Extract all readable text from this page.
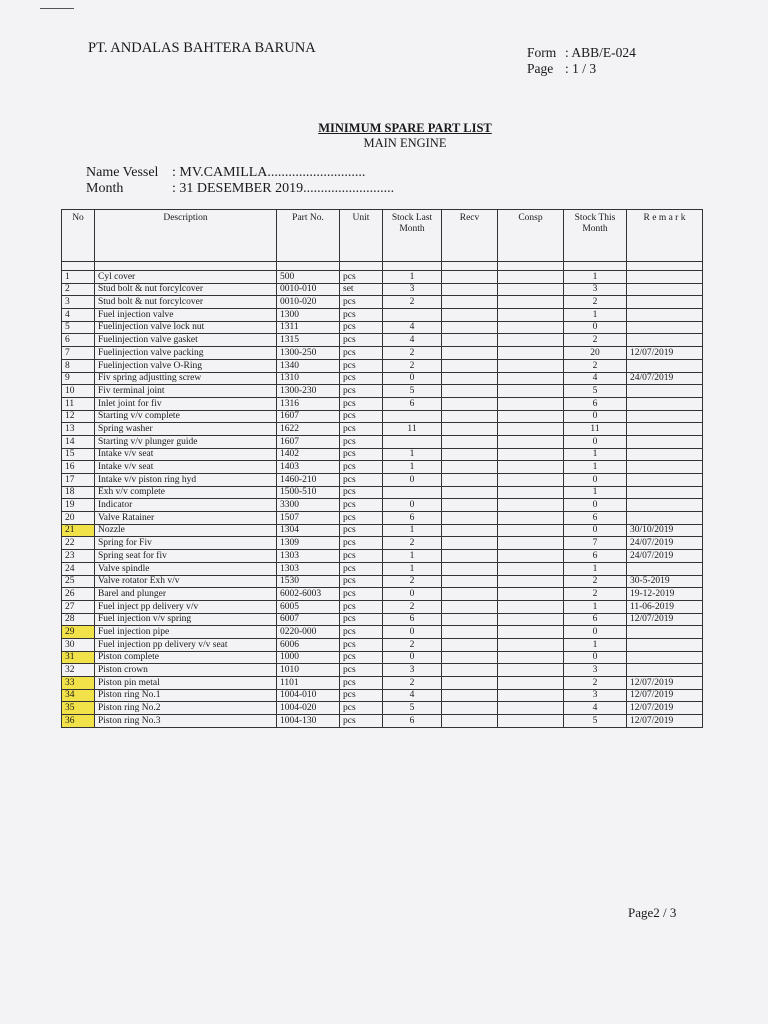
PT. ANDALAS BAHTERA BARUNA	Form : ABB/E-024
Page : 1 / 3
MINIMUM SPARE PART LIST
MAIN ENGINE
Name Vessel : MV.CAMILLA............................
Month	: 31 DESEMBER 2019..........................
No	Description	Part No.	Unit	Stock Last Month	Recv	Consp	Stock This Month	R e m a r k

1	Cyl cover	500	pcs	1			1	
2	Stud bolt & nut forcylcover	0010-010	set	3			3	
3	Stud bolt & nut forcylcover	0010-020	pcs	2			2	
4	Fuel injection valve	1300	pcs				1	
5	Fuelinjection valve lock nut	1311	pcs	4			0	
6	Fuelinjection valve gasket	1315	pcs	4			2	
7	Fuelinjection valve packing	1300-250	pcs	2			20	12/07/2019
8	Fuelinjection valve O-Ring	1340	pcs	2			2	
9	Fiv spring adjustting screw	1310	pcs	0			4	24/07/2019
10	Fiv terminal joint	1300-230	pcs	5			5	
11	Inlet joint for fiv	1316	pcs	6			6	
12	Starting v/v complete	1607	pcs				0	
13	Spring washer	1622	pcs	11			11	
14	Starting v/v plunger guide	1607	pcs				0	
15	Intake v/v seat	1402	pcs	1			1	
16	Intake v/v seat	1403	pcs	1			1	
17	Intake v/v piston ring hyd	1460-210	pcs	0			0	
18	Exh v/v complete	1500-510	pcs				1	
19	Indicator	3300	pcs	0			0	
20	Valve Ratainer	1507	pcs	6			6	
21	Nozzle	1304	pcs	1			0	30/10/2019
22	Spring for Fiv	1309	pcs	2			7	24/07/2019
23	Spring seat for fiv	1303	pcs	1			6	24/07/2019
24	Valve spindle	1303	pcs	1			1	
25	Valve rotator Exh v/v	1530	pcs	2			2	30-5-2019
26	Barel and plunger	6002-6003	pcs	0			2	19-12-2019
27	Fuel inject pp delivery v/v	6005	pcs	2			1	11-06-2019
28	Fuel injection v/v spring	6007	pcs	6			6	12/07/2019
29	Fuel injection pipe	0220-000	pcs	0			0	
30	Fuel injection pp delivery v/v seat	6006	pcs	2			1	
31	Piston complete	1000	pcs	0			0	
32	Piston crown	1010	pcs	3			3	
33	Piston pin metal	1101	pcs	2			2	12/07/2019
34	Piston ring No.1	1004-010	pcs	4			3	12/07/2019
35	Piston ring No.2	1004-020	pcs	5			4	12/07/2019
36	Piston ring No.3	1004-130	pcs	6			5	12/07/2019
Page2 / 3
